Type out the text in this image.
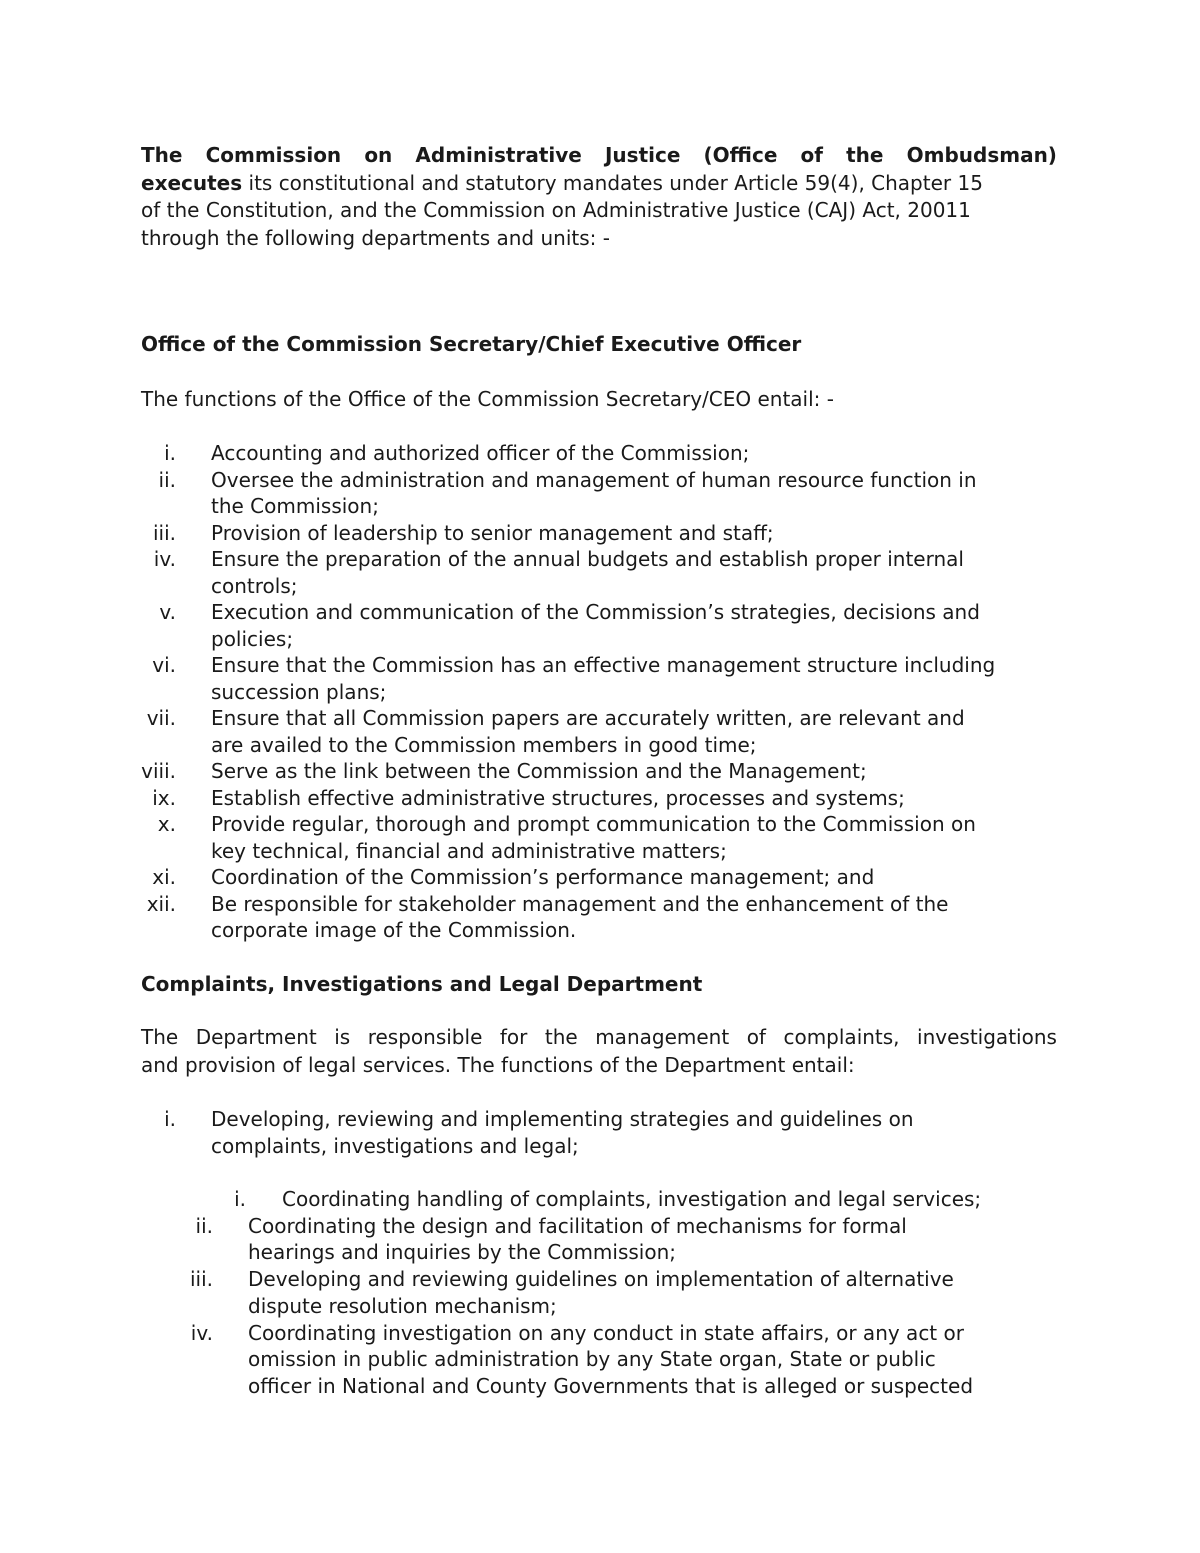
The Commission on Administrative Justice (Office of the Ombudsman)
executes its constitutional and statutory mandates under Article 59(4), Chapter 15
of the Constitution, and the Commission on Administrative Justice (CAJ) Act, 20011
through the following departments and units: -
Office of the Commission Secretary/Chief Executive Officer
The functions of the Office of the Commission Secretary/CEO entail: -
i. Accounting and authorized officer of the Commission;
ii. Oversee the administration and management of human resource function in
the Commission;
iii. Provision of leadership to senior management and staff;
iv. Ensure the preparation of the annual budgets and establish proper internal
controls;
v. Execution and communication of the Commission’s strategies, decisions and
policies;
vi. Ensure that the Commission has an effective management structure including
succession plans;
vii. Ensure that all Commission papers are accurately written, are relevant and
are availed to the Commission members in good time;
viii. Serve as the link between the Commission and the Management;
ix. Establish effective administrative structures, processes and systems;
x. Provide regular, thorough and prompt communication to the Commission on
key technical, financial and administrative matters;
xi. Coordination of the Commission’s performance management; and
xii. Be responsible for stakeholder management and the enhancement of the
corporate image of the Commission.
Complaints, Investigations and Legal Department
The Department is responsible for the management of complaints, investigations
and provision of legal services. The functions of the Department entail:
i. Developing, reviewing and implementing strategies and guidelines on
complaints, investigations and legal;
i. Coordinating handling of complaints, investigation and legal services;
ii. Coordinating the design and facilitation of mechanisms for formal
hearings and inquiries by the Commission;
iii. Developing and reviewing guidelines on implementation of alternative
dispute resolution mechanism;
iv. Coordinating investigation on any conduct in state affairs, or any act or
omission in public administration by any State organ, State or public
officer in National and County Governments that is alleged or suspected
